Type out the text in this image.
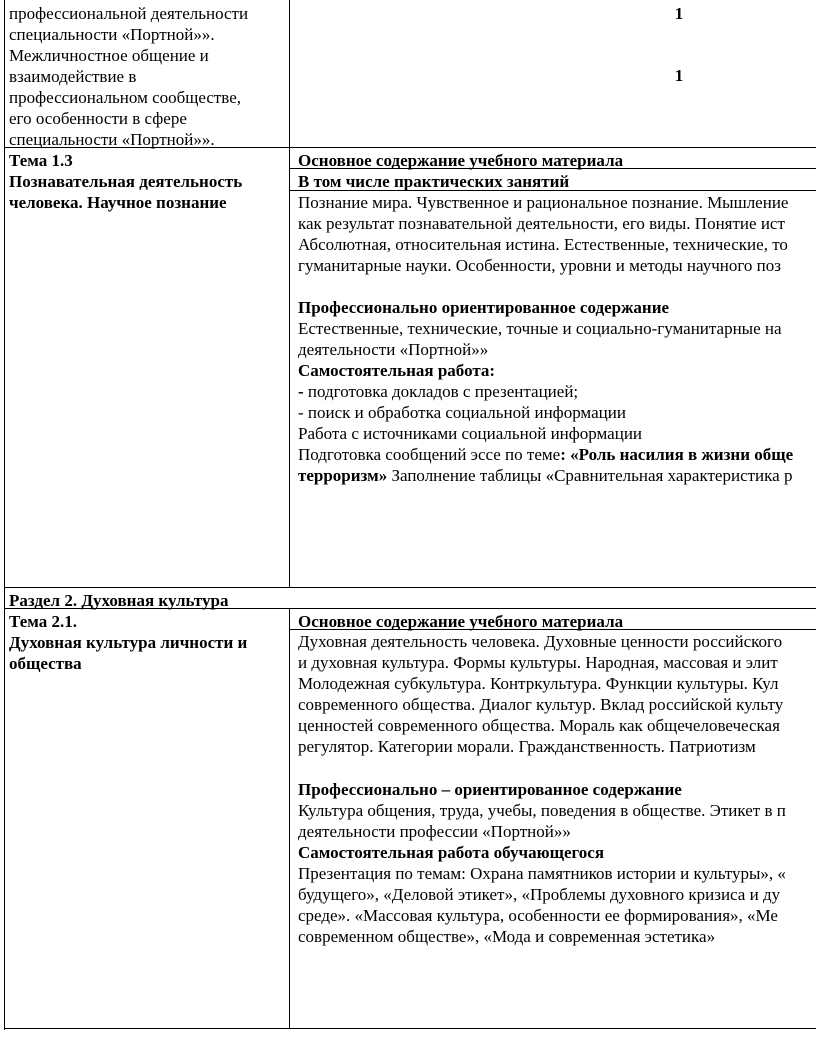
профессиональной деятельности
специальности «Портной»».
Межличностное общение и
взаимодействие в
профессиональном сообществе,
его особенности в сфере
специальности «Портной»».
1
1
Тема 1.3
Познавательная деятельность
человека. Научное познание
Основное содержание учебного материала
В том числе практических занятий
Познание мира. Чувственное и рациональное познание. Мышление
как результат познавательной деятельности, его виды. Понятие ист
Абсолютная, относительная истина. Естественные, технические, то
гуманитарные науки. Особенности, уровни и методы научного поз
Профессионально ориентированное содержание
Естественные, технические, точные и социально-гуманитарные на
деятельности «Портной»»
Самостоятельная работа:
- подготовка докладов с презентацией;
- поиск и обработка социальной информации
Работа с источниками социальной информации
Подготовка сообщений эссе по теме: «Роль насилия в жизни обще
терроризм» Заполнение таблицы «Сравнительная характеристика р
Раздел 2. Духовная культура
Тема 2.1.
Духовная культура личности и
общества
Основное содержание учебного материала
Духовная деятельность человека. Духовные ценности российского
и духовная культура. Формы культуры. Народная, массовая и элит
Молодежная субкультура. Контркультура. Функции культуры. Кул
современного общества. Диалог культур. Вклад российской культу
ценностей современного общества. Мораль как общечеловеческая
регулятор. Категории морали. Гражданственность. Патриотизм
Профессионально – ориентированное содержание
Культура общения, труда, учебы, поведения в обществе. Этикет в п
деятельности профессии «Портной»»
Самостоятельная работа обучающегося
Презентация по темам: Охрана памятников истории и культуры», «
будущего», «Деловой этикет», «Проблемы духовного кризиса и ду
среде». «Массовая культура, особенности ее формирования», «Ме
современном обществе», «Мода и современная эстетика»
